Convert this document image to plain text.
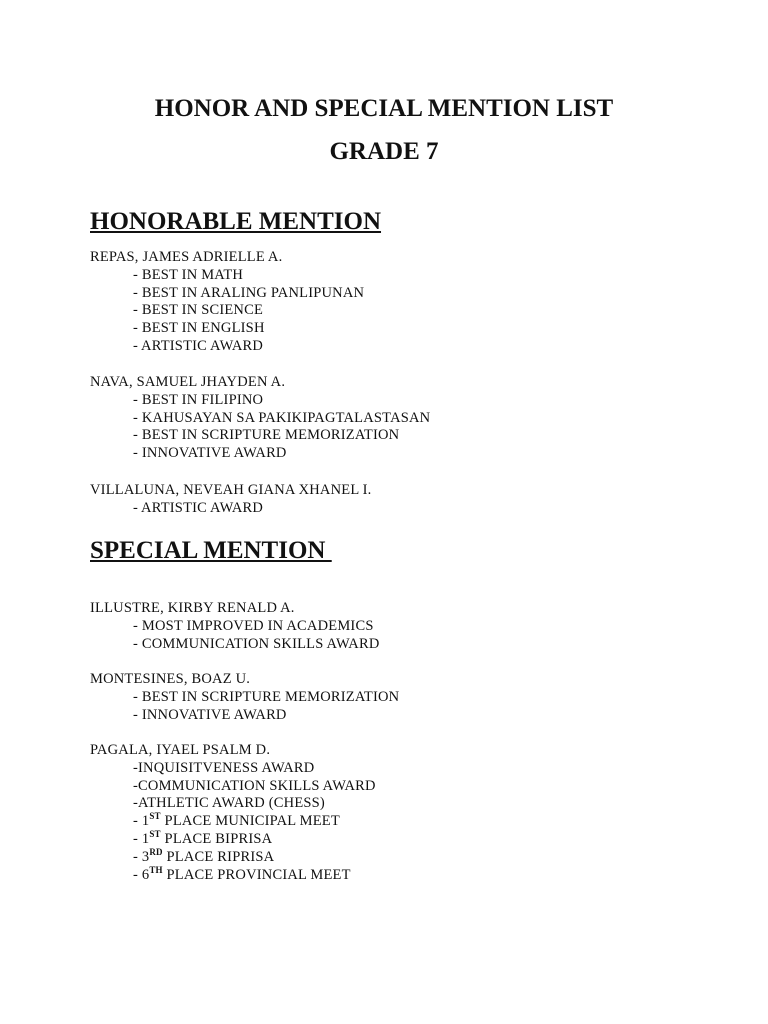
HONOR AND SPECIAL MENTION LIST
GRADE 7
HONORABLE MENTION
REPAS, JAMES ADRIELLE A.
- BEST IN MATH
- BEST IN ARALING PANLIPUNAN
- BEST IN SCIENCE
- BEST IN ENGLISH
- ARTISTIC AWARD
NAVA, SAMUEL JHAYDEN A.
- BEST IN FILIPINO
- KAHUSAYAN SA PAKIKIPAGTALASTASAN
- BEST IN SCRIPTURE MEMORIZATION
- INNOVATIVE AWARD
VILLALUNA, NEVEAH GIANA XHANEL I.
- ARTISTIC AWARD
SPECIAL MENTION
ILLUSTRE, KIRBY RENALD A.
- MOST IMPROVED IN ACADEMICS
- COMMUNICATION SKILLS AWARD
MONTESINES, BOAZ U.
- BEST IN SCRIPTURE MEMORIZATION
- INNOVATIVE AWARD
PAGALA, IYAEL PSALM D.
-INQUISITVENESS AWARD
-COMMUNICATION SKILLS AWARD
-ATHLETIC AWARD (CHESS)
- 1ST PLACE MUNICIPAL MEET
- 1ST PLACE BIPRISA
- 3RD PLACE RIPRISA
- 6TH PLACE PROVINCIAL MEET
